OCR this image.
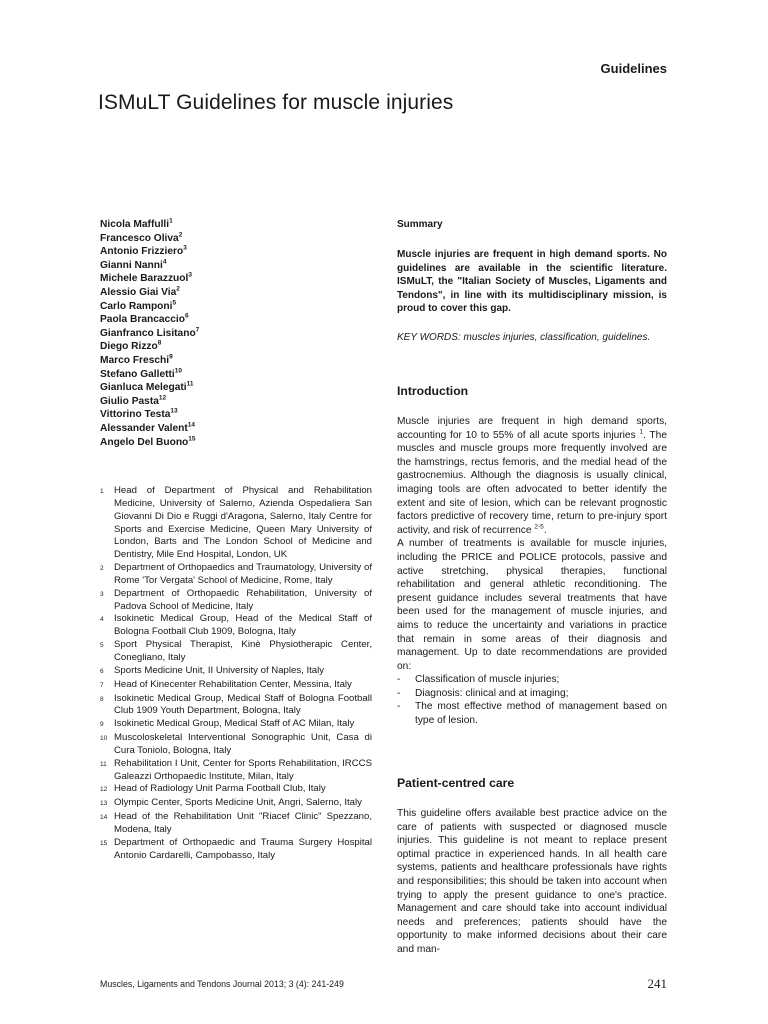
Guidelines
ISMuLT Guidelines for muscle injuries
Nicola Maffulli$^1$
Francesco Oliva$^2$
Antonio Frizziero$^3$
Gianni Nanni$^4$
Michele Barazzuol$^3$
Alessio Giai Via$^2$
Carlo Ramponi$^5$
Paola Brancaccio$^6$
Gianfranco Lisitano$^7$
Diego Rizzo$^8$
Marco Freschi$^9$
Stefano Galletti$^{10}$
Gianluca Melegati$^{11}$
Giulio Pasta$^{12}$
Vittorino Testa$^{13}$
Alessander Valent$^{14}$
Angelo Del Buono$^{15}$
1	Head of Department of Physical and Rehabilitation Medicine, University of Salerno, Azienda Ospedaliera San Giovanni Di Dio e Ruggi d'Aragona, Salerno, Italy Centre for Sports and Exercise Medicine, Queen Mary University of London, Barts and The London School of Medicine and Dentistry, Mile End Hospital, London, UK
2	Department of Orthopaedics and Traumatology, University of Rome 'Tor Vergata' School of Medicine, Rome, Italy
3	Department of Orthopaedic Rehabilitation, University of Padova School of Medicine, Italy
4	Isokinetic Medical Group, Head of the Medical Staff of Bologna Football Club 1909, Bologna, Italy
5	Sport Physical Therapist, Kinè Physiotherapic Center, Conegliano, Italy
6	Sports Medicine Unit, II University of Naples, Italy
7	Head of Kinecenter Rehabilitation Center, Messina, Italy
8	Isokinetic Medical Group, Medical Staff of Bologna Football Club 1909 Youth Department, Bologna, Italy
9	Isokinetic Medical Group, Medical Staff of AC Milan, Italy
10 Muscoloskeletal Interventional Sonographic Unit, Casa di Cura Toniolo, Bologna, Italy
11 Rehabilitation I Unit, Center for Sports Rehabilitation, IRCCS Galeazzi Orthopaedic Institute, Milan, Italy
12 Head of Radiology Unit Parma Football Club, Italy
13 Olympic Center, Sports Medicine Unit, Angri, Salerno, Italy
14 Head of the Rehabilitation Unit "Riacef Clinic" Spezzano, Modena, Italy
15 Department of Orthopaedic and Trauma Surgery Hospital Antonio Cardarelli, Campobasso, Italy
Summary
Muscle injuries are frequent in high demand sports. No guidelines are available in the scientific literature. ISMuLT, the "Italian Society of Muscles, Ligaments and Tendons", in line with its multidisciplinary mission, is proud to cover this gap.
KEY WORDS: muscles injuries, classification, guidelines.
Introduction

Muscle injuries are frequent in high demand sports, accounting for 10 to 55% of all acute sports injuries $^1$. The muscles and muscle groups more frequently involved are the hamstrings, rectus femoris, and the medial head of the gastrocnemius. Although the diagnosis is usually clinical, imaging tools are often advocated to better identify the extent and site of lesion, which can be relevant prognostic factors predictive of recovery time, return to pre-injury sport activity, and risk of recurrence $^{2-5}$.

A number of treatments is available for muscle injuries, including the PRICE and POLICE protocols, passive and active stretching, physical therapies, functional rehabilitation and general athletic reconditioning. The present guidance includes several treatments that have been used for the management of muscle injuries, and aims to reduce the uncertainty and variations in practice that remain in some areas of their diagnosis and management. Up to date recommendations are provided on:

-	Classification of muscle injuries;
-	Diagnosis: clinical and at imaging;
-	The most effective method of management based on type of lesion.
Patient-centred care
This guideline offers available best practice advice on the care of patients with suspected or diagnosed muscle injuries. This guideline is not meant to replace present optimal practice in experienced hands. In all health care systems, patients and healthcare professionals have rights and responsibilities; this should be taken into account when trying to apply the present guidance to one's practice. Management and care should take into account individual needs and preferences; patients should have the opportunity to make informed decisions about their care and man-
Muscles, Ligaments and Tendons Journal 2013; 3 (4): 241-249	241
